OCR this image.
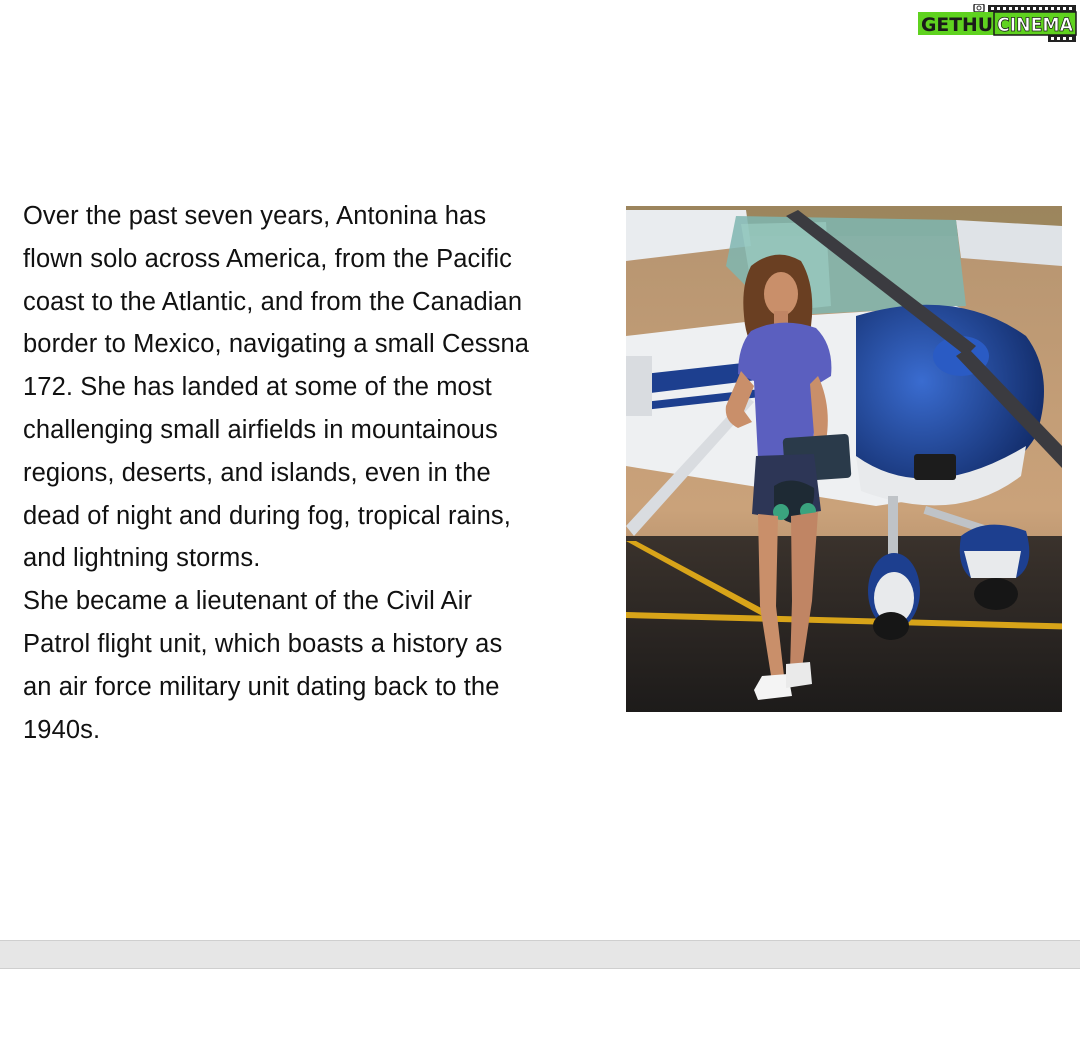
GETHU CINEMA

Over the past seven years, Antonina has
flown solo across America, from the Pacific
coast to the Atlantic, and from the Canadian
border to Mexico, navigating a small Cessna
172. She has landed at some of the most
challenging small airfields in mountainous
regions, deserts, and islands, even in the
dead of night and during fog, tropical rains,
and lightning storms.

She became a lieutenant of the Civil Air
Patrol flight unit, which boasts a history as
an air force military unit dating back to the
1940s.
